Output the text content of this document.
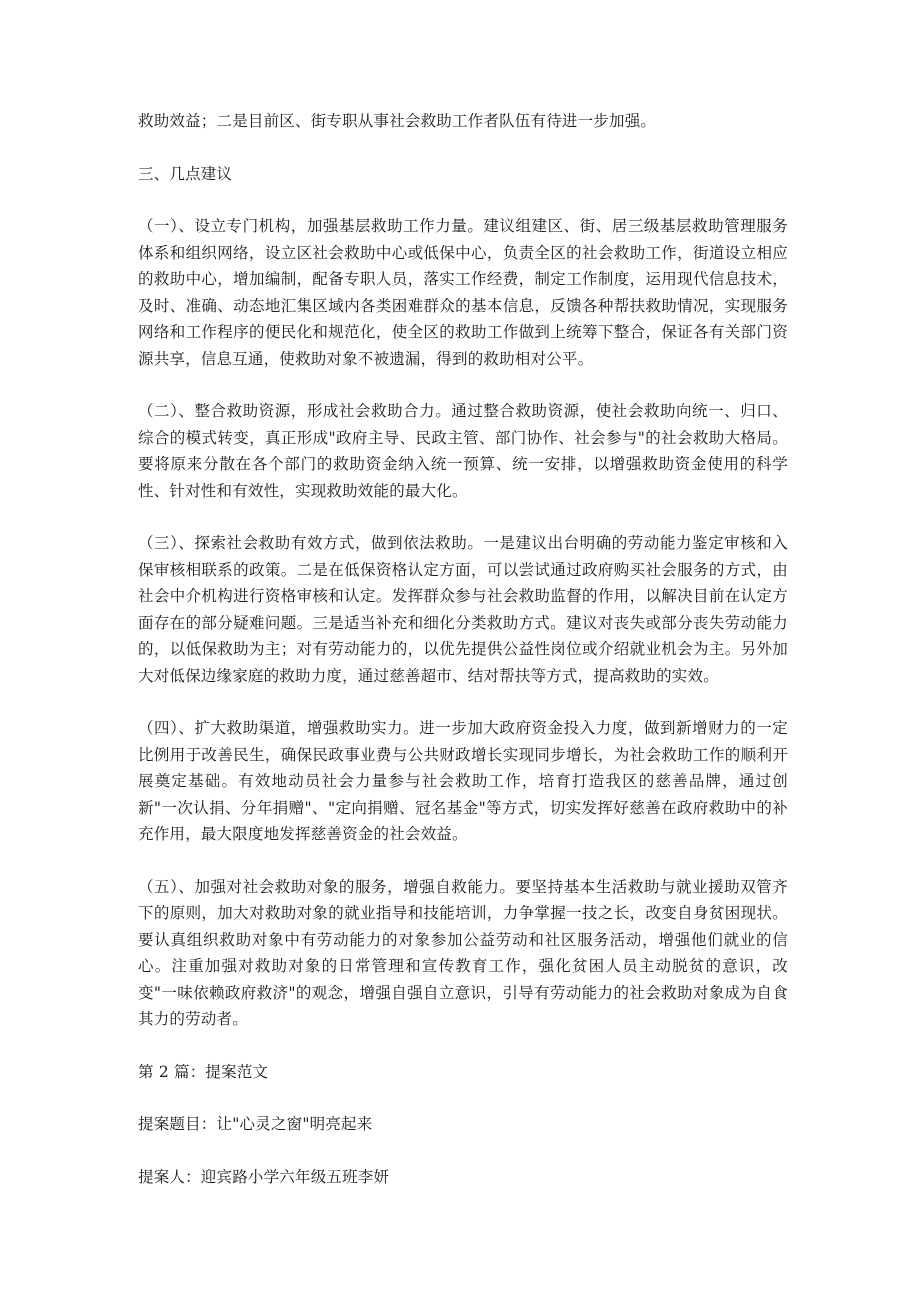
救助效益；二是目前区、街专职从事社会救助工作者队伍有待进一步加强。

三、几点建议

（一）、设立专门机构，加强基层救助工作力量。建议组建区、街、居三级基层救助管理服务体系和组织网络，设立区社会救助中心或低保中心，负责全区的社会救助工作，街道设立相应的救助中心，增加编制，配备专职人员，落实工作经费，制定工作制度，运用现代信息技术，及时、准确、动态地汇集区域内各类困难群众的基本信息，反馈各种帮扶救助情况，实现服务网络和工作程序的便民化和规范化，使全区的救助工作做到上统筹下整合，保证各有关部门资源共享，信息互通，使救助对象不被遗漏，得到的救助相对公平。

（二）、整合救助资源，形成社会救助合力。通过整合救助资源，使社会救助向统一、归口、综合的模式转变，真正形成"政府主导、民政主管、部门协作、社会参与"的社会救助大格局。要将原来分散在各个部门的救助资金纳入统一预算、统一安排，以增强救助资金使用的科学性、针对性和有效性，实现救助效能的最大化。

（三）、探索社会救助有效方式，做到依法救助。一是建议出台明确的劳动能力鉴定审核和入保审核相联系的政策。二是在低保资格认定方面，可以尝试通过政府购买社会服务的方式，由社会中介机构进行资格审核和认定。发挥群众参与社会救助监督的作用，以解决目前在认定方面存在的部分疑难问题。三是适当补充和细化分类救助方式。建议对丧失或部分丧失劳动能力的，以低保救助为主；对有劳动能力的，以优先提供公益性岗位或介绍就业机会为主。另外加大对低保边缘家庭的救助力度，通过慈善超市、结对帮扶等方式，提高救助的实效。

（四）、扩大救助渠道，增强救助实力。进一步加大政府资金投入力度，做到新增财力的一定比例用于改善民生，确保民政事业费与公共财政增长实现同步增长，为社会救助工作的顺利开展奠定基础。有效地动员社会力量参与社会救助工作，培育打造我区的慈善品牌，通过创新"一次认捐、分年捐赠"、"定向捐赠、冠名基金"等方式，切实发挥好慈善在政府救助中的补充作用，最大限度地发挥慈善资金的社会效益。

（五）、加强对社会救助对象的服务，增强自救能力。要坚持基本生活救助与就业援助双管齐下的原则，加大对救助对象的就业指导和技能培训，力争掌握一技之长，改变自身贫困现状。要认真组织救助对象中有劳动能力的对象参加公益劳动和社区服务活动，增强他们就业的信心。注重加强对救助对象的日常管理和宣传教育工作，强化贫困人员主动脱贫的意识，改变"一味依赖政府救济"的观念，增强自强自立意识，引导有劳动能力的社会救助对象成为自食其力的劳动者。

第 2 篇：提案范文

提案题目：让"心灵之窗"明亮起来

提案人：迎宾路小学六年级五班李妍
